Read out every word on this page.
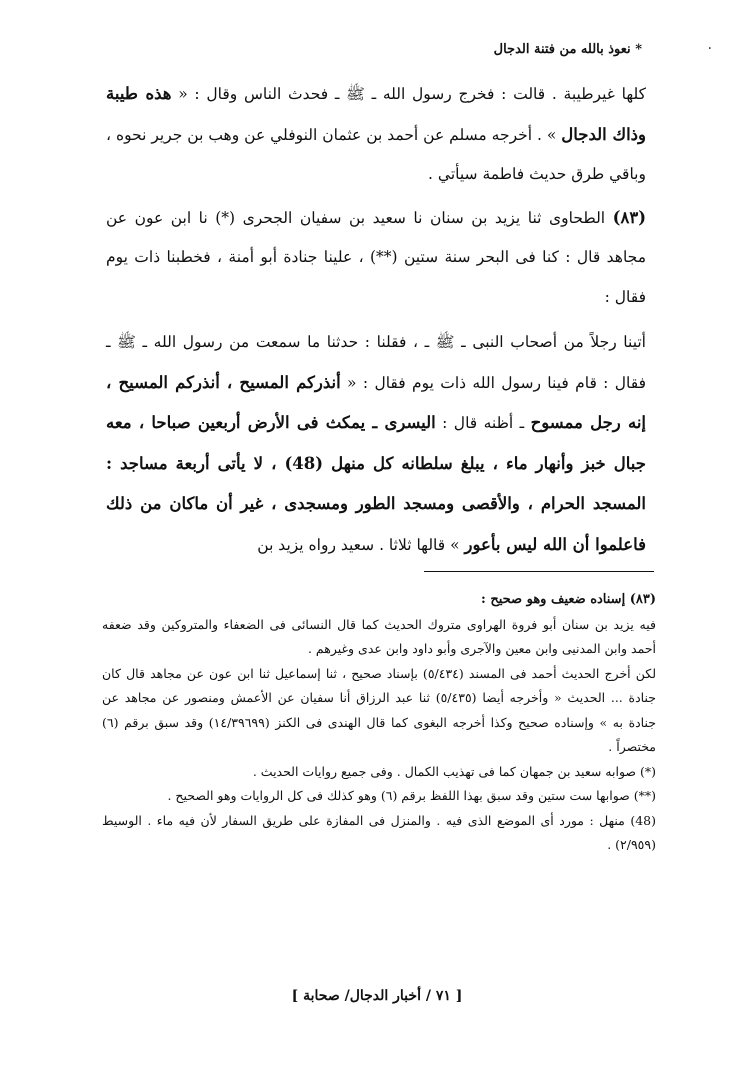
* نعوذ بالله من فتنة الدجال	٠

كلها غيرطيبة . قالت : فخرج رسول الله ـ ﷺ ـ فحدث الناس وقال : « هذه طيبة وذاك الدجال » . أخرجه مسلم عن أحمد بن عثمان النوفلي عن وهب بن جرير نحوه ، وباقي طرق حديث فاطمة سيأتي .

(٨٣) الطحاوى ثنا يزيد بن سنان نا سعيد بن سفيان الجحرى (*) نا ابن عون عن مجاهد قال : كنا فى البحر سنة ستين (**) ، علينا جنادة أبو أمنة ، فخطبنا ذات يوم فقال :

أتينا رجلاً من أصحاب النبى ـ ﷺ ـ ، فقلنا : حدثنا ما سمعت من رسول الله ـ ﷺ ـ فقال : قام فينا رسول الله ذات يوم فقال : « أنذركم المسيح ، أنذركم المسيح ، إنه رجل ممسوح ـ أظنه قال : اليسرى ـ يمكث فى الأرض أربعين صباحا ، معه جبال خبز وأنهار ماء ، يبلغ سلطانه كل منهل (48) ، لا يأتى أربعة مساجد : المسجد الحرام ، والأقصى ومسجد الطور ومسجدى ، غير أن ماكان من ذلك فاعلموا أن الله ليس بأعور » قالها ثلاثا . سعيد رواه يزيد بن

(٨٣) إسناده ضعيف وهو صحيح :

فيه يزيد بن سنان أبو فروة الهراوى متروك الحديث كما قال النسائى فى الضعفاء والمتروكين وقد ضعفه أحمد وابن المدنيى وابن معين والآجرى وأبو داود وابن عدى وغيرهم .

لكن أخرج الحديث أحمد فى المسند (٥/٤٣٤) بإسناد صحيح ، ثنا إسماعيل ثنا ابن عون عن مجاهد قال كان جنادة ... الحديث « وأخرجه أيضا (٥/٤٣٥) ثنا عبد الرزاق أنا سفيان عن الأعمش ومنصور عن مجاهد عن جنادة به » وإسناده صحيح وكذا أخرجه البغوى كما قال الهندى فى الكنز (١٤/٣٩٦٩٩) وقد سبق برقم (٦) مختصراً .

(*) صوابه سعيد بن جمهان كما فى تهذيب الكمال . وفى جميع روايات الحديث .

(**) صوابها ست ستين وقد سبق بهذا اللفظ برقم (٦) وهو كذلك فى كل الروايات وهو الصحيح .

(48) منهل : مورد أى الموضع الذى فيه . والمنزل فى المفازة على طريق السفار لأن فيه ماء . الوسيط (٢/٩٥٩) .

[ ٧١ / أخبار الدجال/ صحابة ]
